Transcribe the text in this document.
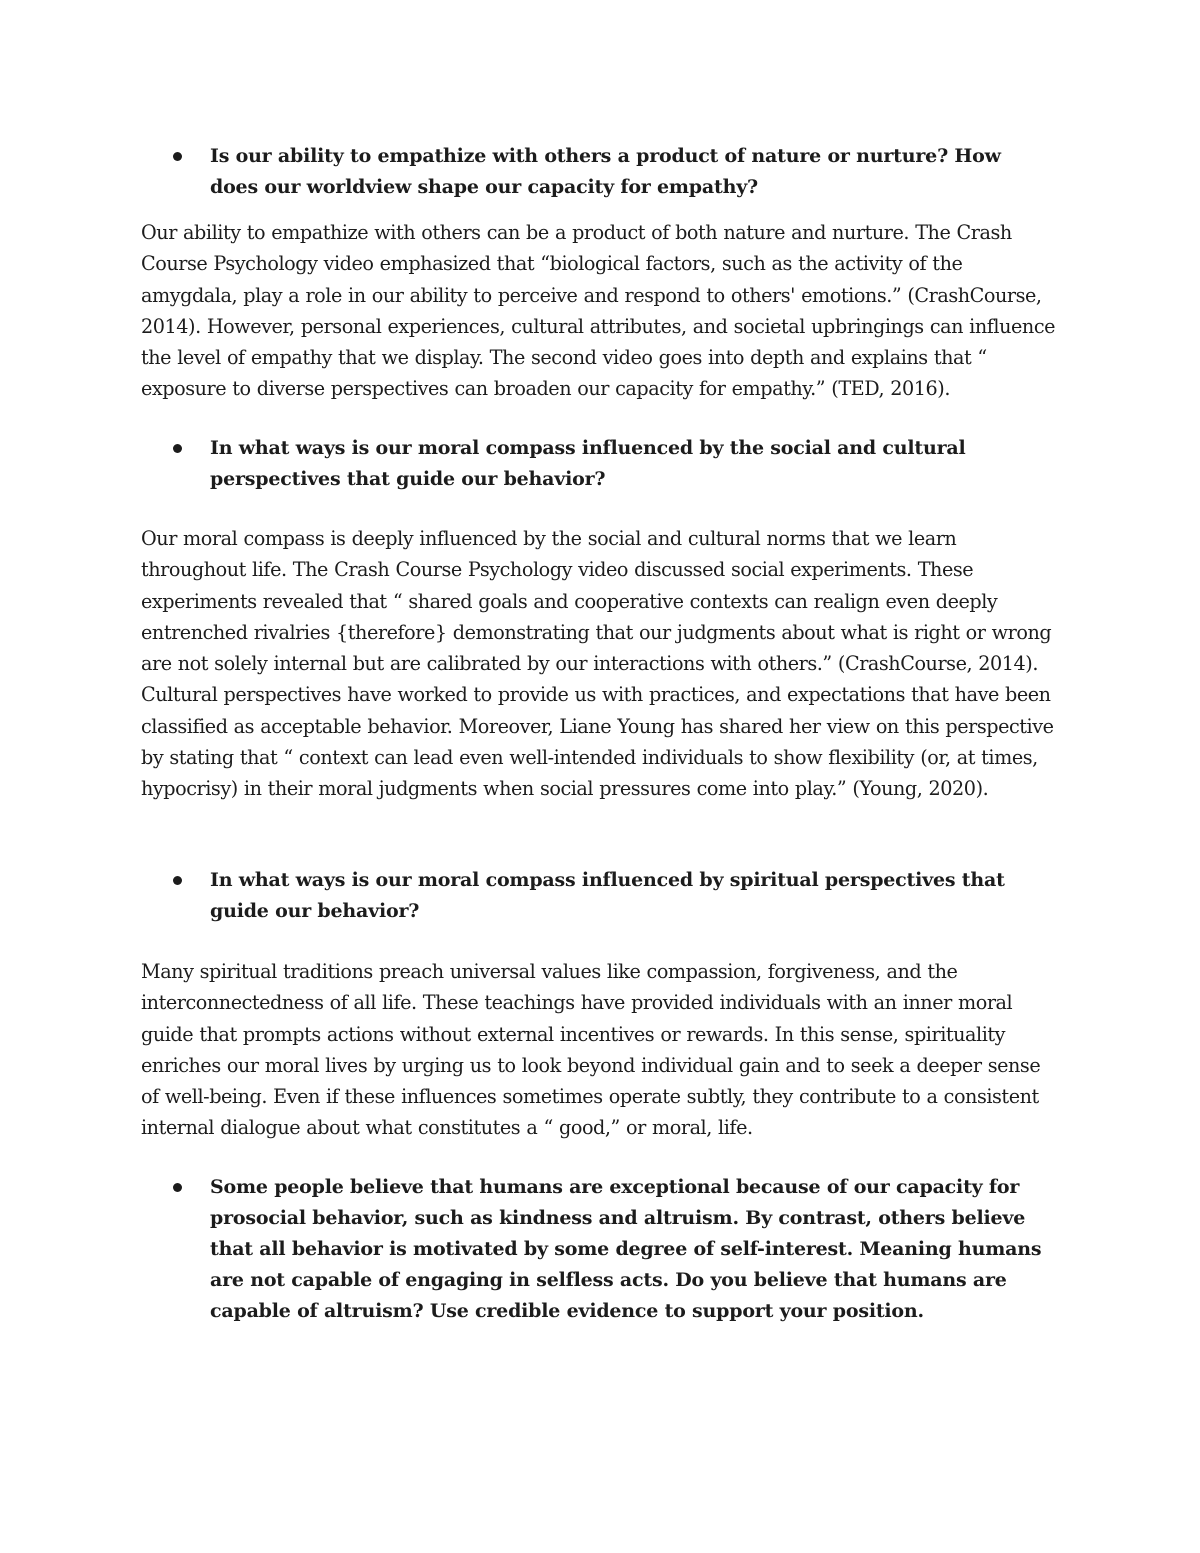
Is our ability to empathize with others a product of nature or nurture? How does our worldview shape our capacity for empathy?
Our ability to empathize with others can be a product of both nature and nurture. The Crash Course Psychology video emphasized that “biological factors, such as the activity of the amygdala, play a role in our ability to perceive and respond to others' emotions.” (CrashCourse, 2014). However, personal experiences, cultural attributes, and societal upbringings can influence the level of empathy that we display. The second video goes into depth and explains that “ exposure to diverse perspectives can broaden our capacity for empathy.” (TED, 2016).
In what ways is our moral compass influenced by the social and cultural perspectives that guide our behavior?
Our moral compass is deeply influenced by the social and cultural norms that we learn throughout life. The Crash Course Psychology video discussed social experiments. These experiments revealed that “ shared goals and cooperative contexts can realign even deeply entrenched rivalries {therefore} demonstrating that our judgments about what is right or wrong are not solely internal but are calibrated by our interactions with others.” (CrashCourse, 2014). Cultural perspectives have worked to provide us with practices, and expectations that have been classified as acceptable behavior. Moreover, Liane Young has shared her view on this perspective by stating that “ context can lead even well-intended individuals to show flexibility (or, at times, hypocrisy) in their moral judgments when social pressures come into play.” (Young, 2020).
In what ways is our moral compass influenced by spiritual perspectives that guide our behavior?
Many spiritual traditions preach universal values like compassion, forgiveness, and the interconnectedness of all life. These teachings have provided individuals with an inner moral guide that prompts actions without external incentives or rewards. In this sense, spirituality enriches our moral lives by urging us to look beyond individual gain and to seek a deeper sense of well-being. Even if these influences sometimes operate subtly, they contribute to a consistent internal dialogue about what constitutes a “ good,” or moral, life.
Some people believe that humans are exceptional because of our capacity for prosocial behavior, such as kindness and altruism. By contrast, others believe that all behavior is motivated by some degree of self-interest. Meaning humans are not capable of engaging in selfless acts. Do you believe that humans are capable of altruism? Use credible evidence to support your position.
